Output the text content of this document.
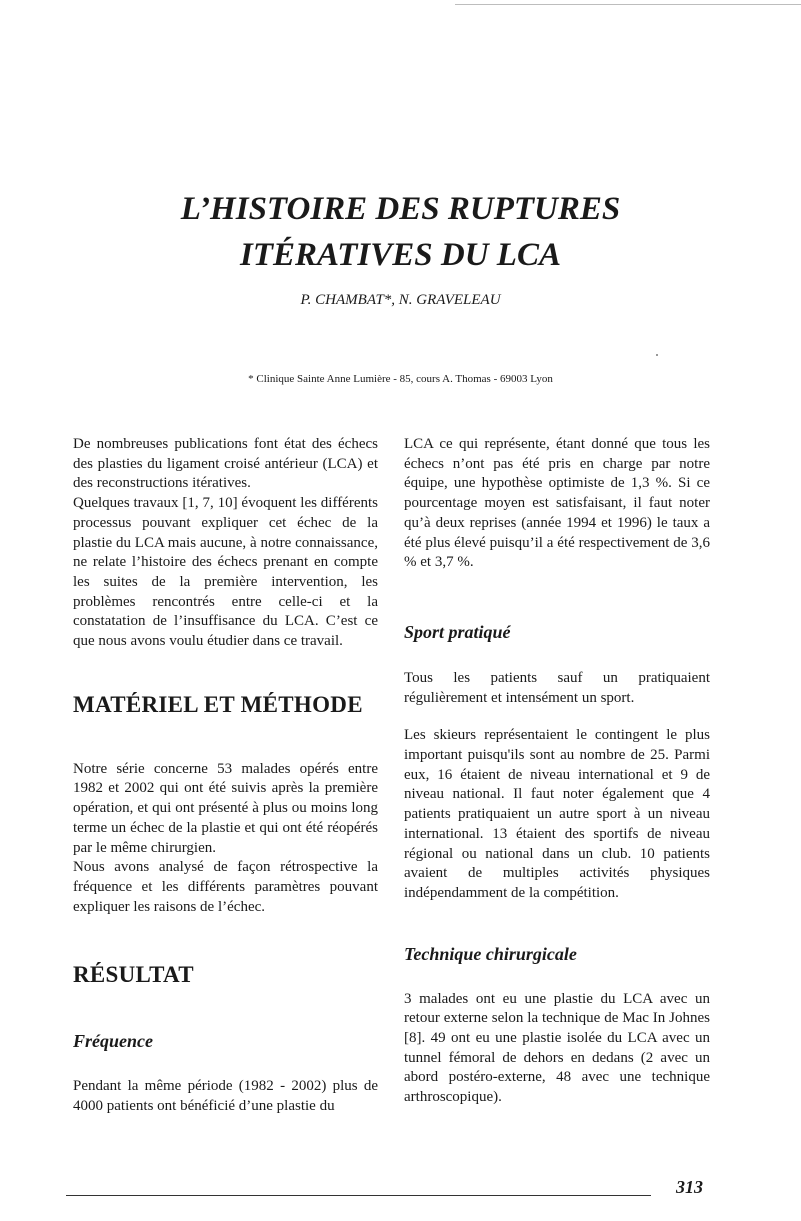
L’HISTOIRE DES RUPTURES
ITÉRATIVES DU LCA

P. CHAMBAT*, N. GRAVELEAU

* Clinique Sainte Anne Lumière - 85, cours A. Thomas - 69003 Lyon

De nombreuses publications font état des échecs des plasties du ligament croisé antérieur (LCA) et des reconstructions itératives.

Quelques travaux [1, 7, 10] évoquent les différents processus pouvant expliquer cet échec de la plastie du LCA mais aucune, à notre connaissance, ne relate l’histoire des échecs prenant en compte les suites de la première intervention, les problèmes rencontrés entre celle-ci et la constatation de l’insuffisance du LCA. C’est ce que nous avons voulu étudier dans ce travail.

MATÉRIEL ET MÉTHODE

Notre série concerne 53 malades opérés entre 1982 et 2002 qui ont été suivis après la première opération, et qui ont présenté à plus ou moins long terme un échec de la plastie et qui ont été réopérés par le même chirurgien.

Nous avons analysé de façon rétrospective la fréquence et les différents paramètres pouvant expliquer les raisons de l’échec.

RÉSULTAT
Fréquence

Pendant la même période (1982 - 2002) plus de 4000 patients ont bénéficié d’une plastie du

LCA ce qui représente, étant donné que tous les échecs n’ont pas été pris en charge par notre équipe, une hypothèse optimiste de 1,3 %. Si ce pourcentage moyen est satisfaisant, il faut noter qu’à deux reprises (année 1994 et 1996) le taux a été plus élevé puisqu’il a été respectivement de 3,6 % et 3,7 %.

Sport pratiqué

Tous les patients sauf un pratiquaient régulièrement et intensément un sport.

Les skieurs représentaient le contingent le plus important puisqu'ils sont au nombre de 25. Parmi eux, 16 étaient de niveau international et 9 de niveau national. Il faut noter également que 4 patients pratiquaient un autre sport à un niveau international. 13 étaient des sportifs de niveau régional ou national dans un club. 10 patients avaient de multiples activités physiques indépendamment de la compétition.

Technique chirurgicale

3 malades ont eu une plastie du LCA avec un retour externe selon la technique de Mac In Johnes [8]. 49 ont eu une plastie isolée du LCA avec un tunnel fémoral de dehors en dedans (2 avec un abord postéro-externe, 48 avec une technique arthroscopique).

313
